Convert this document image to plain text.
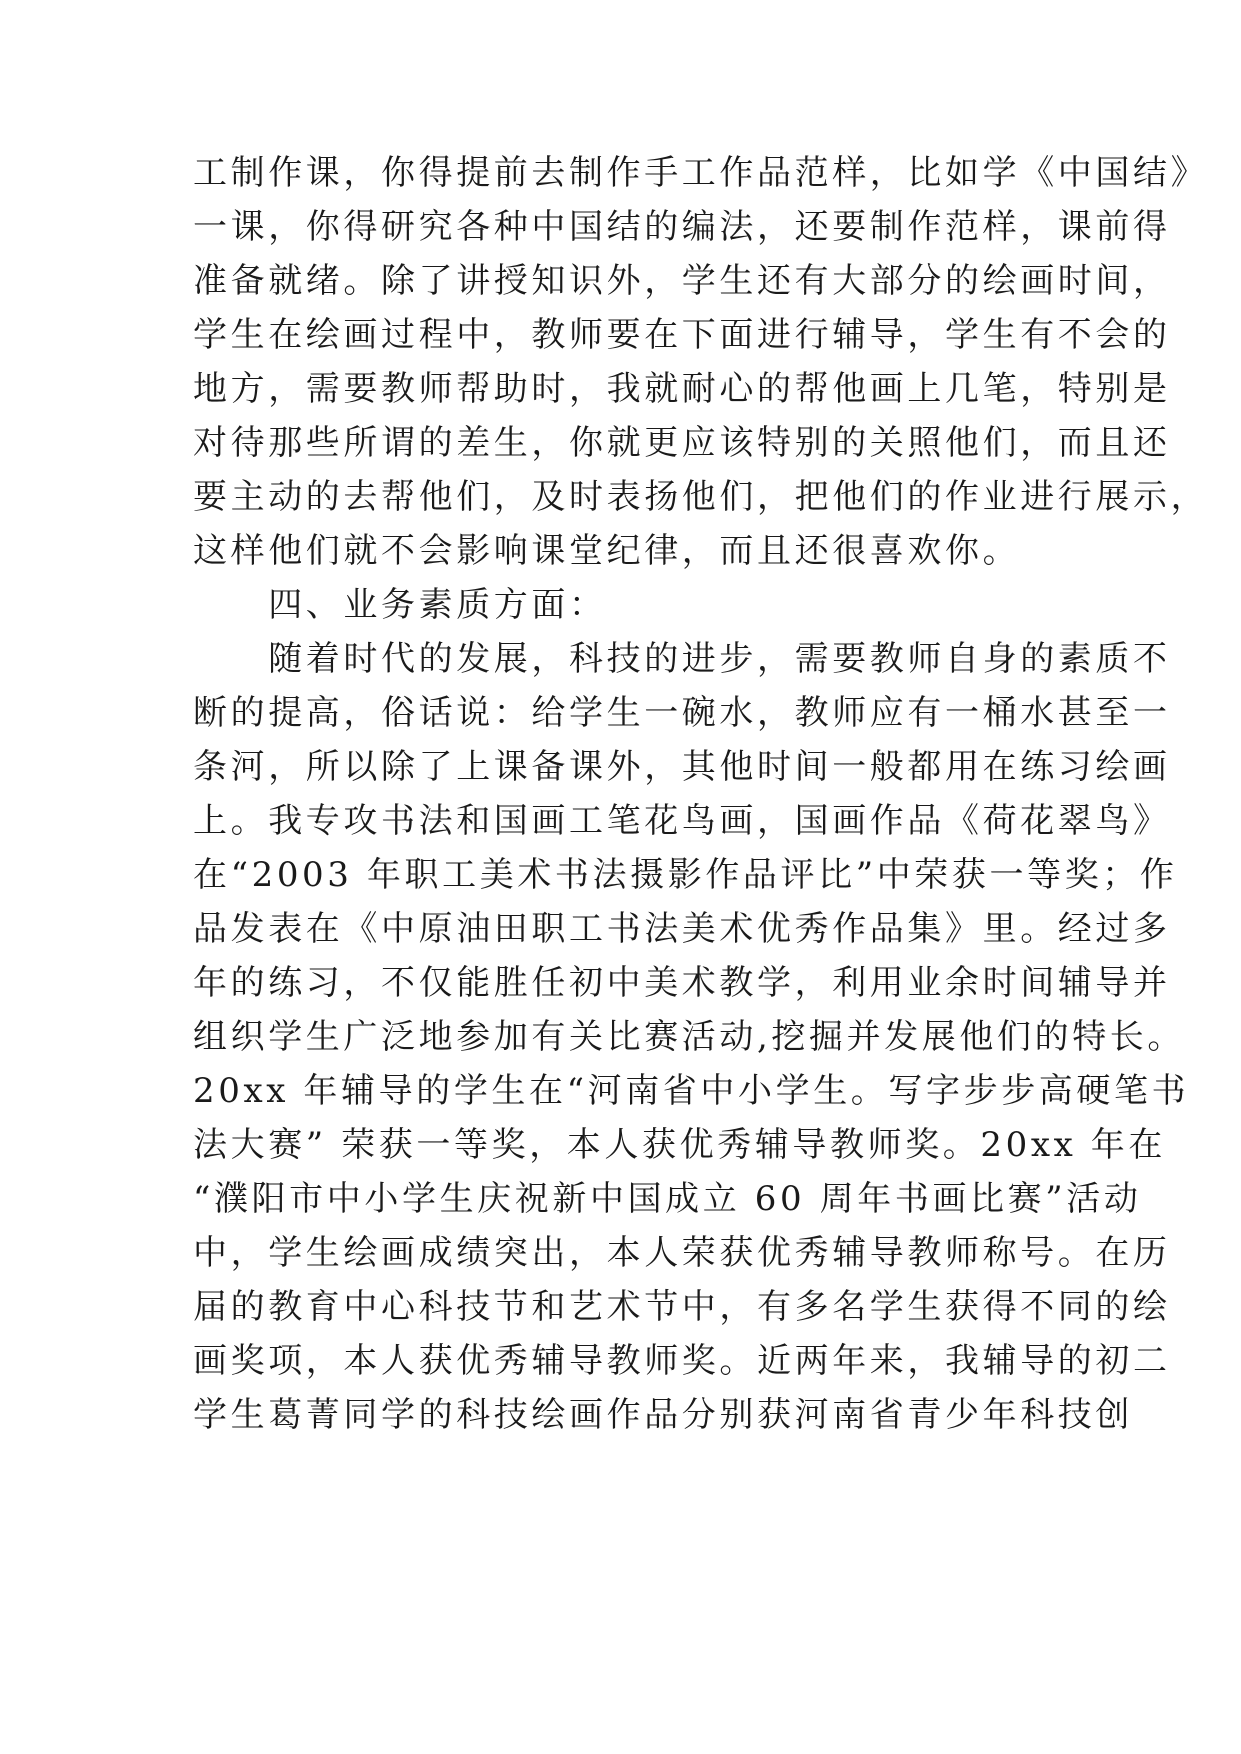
工制作课，你得提前去制作手工作品范样，比如学《中国结》
一课，你得研究各种中国结的编法，还要制作范样，课前得
准备就绪。除了讲授知识外，学生还有大部分的绘画时间，
学生在绘画过程中，教师要在下面进行辅导，学生有不会的
地方，需要教师帮助时，我就耐心的帮他画上几笔，特别是
对待那些所谓的差生，你就更应该特别的关照他们，而且还
要主动的去帮他们，及时表扬他们，把他们的作业进行展示，
这样他们就不会影响课堂纪律，而且还很喜欢你。
　　四、业务素质方面：
　　随着时代的发展，科技的进步，需要教师自身的素质不
断的提高，俗话说：给学生一碗水，教师应有一桶水甚至一
条河，所以除了上课备课外，其他时间一般都用在练习绘画
上。我专攻书法和国画工笔花鸟画，国画作品《荷花翠鸟》
在“2003 年职工美术书法摄影作品评比”中荣获一等奖；作
品发表在《中原油田职工书法美术优秀作品集》里。经过多
年的练习，不仅能胜任初中美术教学，利用业余时间辅导并
组织学生广泛地参加有关比赛活动,挖掘并发展他们的特长。
20xx 年辅导的学生在“河南省中小学生。写字步步高硬笔书
法大赛” 荣获一等奖，本人获优秀辅导教师奖。20xx 年在
“濮阳市中小学生庆祝新中国成立 60 周年书画比赛”活动
中，学生绘画成绩突出，本人荣获优秀辅导教师称号。在历
届的教育中心科技节和艺术节中，有多名学生获得不同的绘
画奖项，本人获优秀辅导教师奖。近两年来，我辅导的初二
学生葛菁同学的科技绘画作品分别获河南省青少年科技创
